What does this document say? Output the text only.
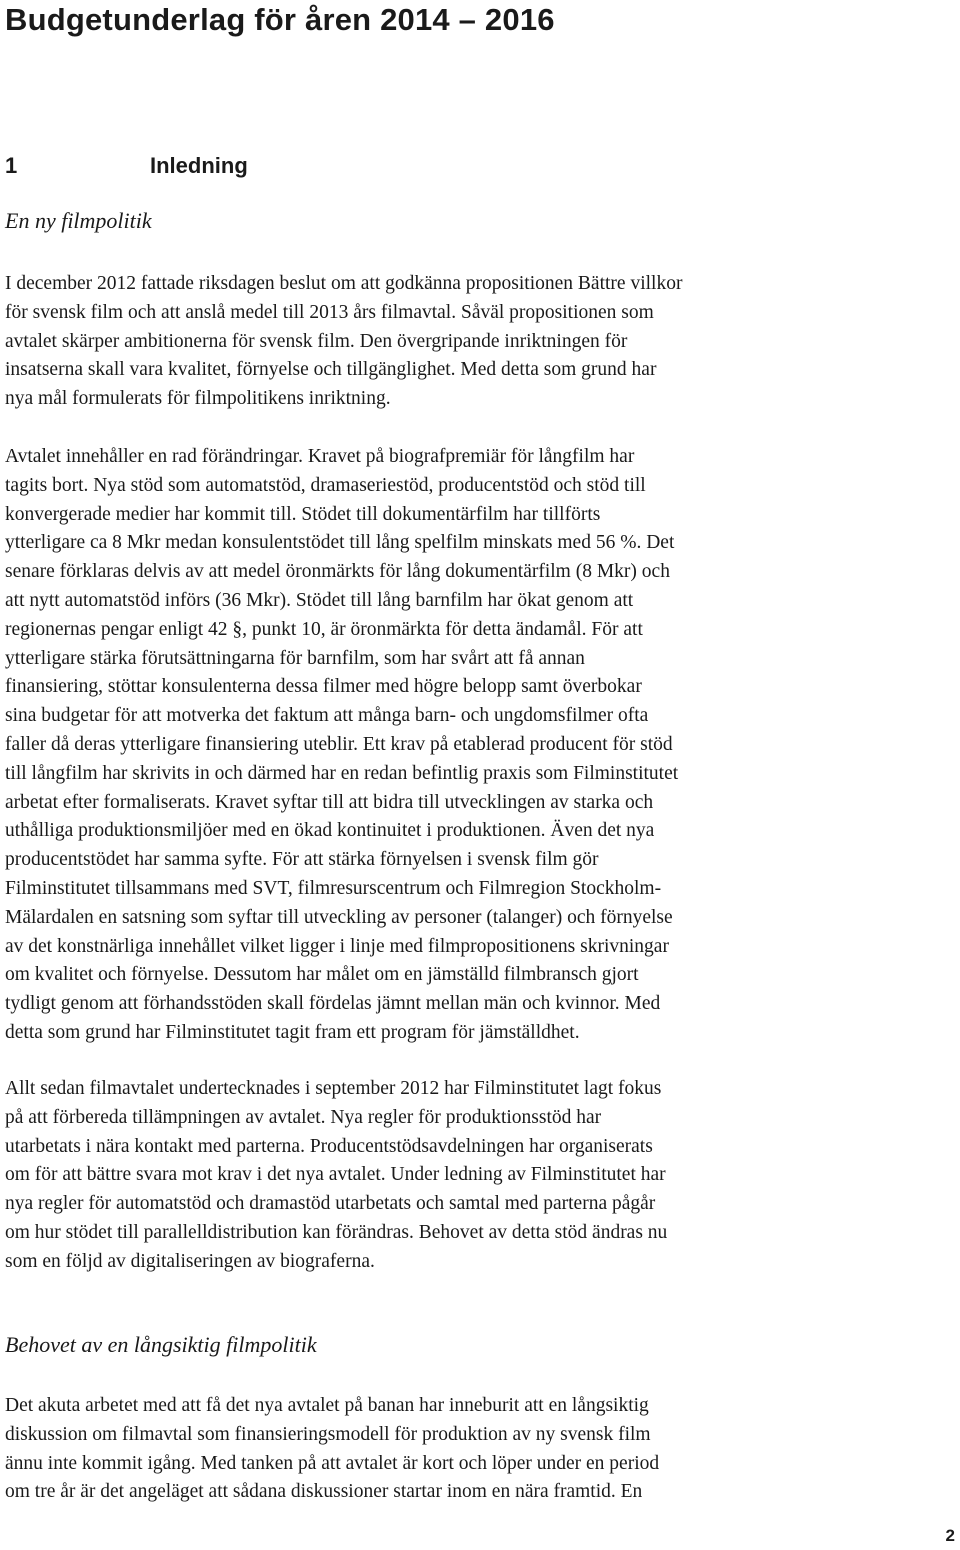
Budgetunderlag för åren 2014 – 2016
1	Inledning
En ny filmpolitik
I december 2012 fattade riksdagen beslut om att godkänna propositionen Bättre villkor
för svensk film och att anslå medel till 2013 års filmavtal. Såväl propositionen som
avtalet skärper ambitionerna för svensk film. Den övergripande inriktningen för
insatserna skall vara kvalitet, förnyelse och tillgänglighet. Med detta som grund har
nya mål formulerats för filmpolitikens inriktning.
Avtalet innehåller en rad förändringar. Kravet på biografpremiär för långfilm har
tagits bort. Nya stöd som automatstöd, dramaseriestöd, producentstöd och stöd till
konvergerade medier har kommit till. Stödet till dokumentärfilm har tillförts
ytterligare ca 8 Mkr medan konsulentstödet till lång spelfilm minskats med 56 %. Det
senare förklaras delvis av att medel öronmärkts för lång dokumentärfilm (8 Mkr) och
att nytt automatstöd införs (36 Mkr). Stödet till lång barnfilm har ökat genom att
regionernas pengar enligt 42 §, punkt 10, är öronmärkta för detta ändamål. För att
ytterligare stärka förutsättningarna för barnfilm, som har svårt att få annan
finansiering, stöttar konsulenterna dessa filmer med högre belopp samt överbokar
sina budgetar för att motverka det faktum att många barn- och ungdomsfilmer ofta
faller då deras ytterligare finansiering uteblir. Ett krav på etablerad producent för stöd
till långfilm har skrivits in och därmed har en redan befintlig praxis som Filminstitutet
arbetat efter formaliserats. Kravet syftar till att bidra till utvecklingen av starka och
uthålliga produktionsmiljöer med en ökad kontinuitet i produktionen. Även det nya
producentstödet har samma syfte. För att stärka förnyelsen i svensk film gör
Filminstitutet tillsammans med SVT, filmresurscentrum och Filmregion Stockholm-
Mälardalen en satsning som syftar till utveckling av personer (talanger) och förnyelse
av det konstnärliga innehållet vilket ligger i linje med filmpropositionens skrivningar
om kvalitet och förnyelse. Dessutom har målet om en jämställd filmbransch gjort
tydligt genom att förhandsstöden skall fördelas jämnt mellan män och kvinnor. Med
detta som grund har Filminstitutet tagit fram ett program för jämställdhet.
Allt sedan filmavtalet undertecknades i september 2012 har Filminstitutet lagt fokus
på att förbereda tillämpningen av avtalet. Nya regler för produktionsstöd har
utarbetats i nära kontakt med parterna. Producentstödsavdelningen har organiserats
om för att bättre svara mot krav i det nya avtalet. Under ledning av Filminstitutet har
nya regler för automatstöd och dramastöd utarbetats och samtal med parterna pågår
om hur stödet till parallelldistribution kan förändras. Behovet av detta stöd ändras nu
som en följd av digitaliseringen av biograferna.
Behovet av en långsiktig filmpolitik
Det akuta arbetet med att få det nya avtalet på banan har inneburit att en långsiktig
diskussion om filmavtal som finansieringsmodell för produktion av ny svensk film
ännu inte kommit igång. Med tanken på att avtalet är kort och löper under en period
om tre år är det angeläget att sådana diskussioner startar inom en nära framtid. En
2
